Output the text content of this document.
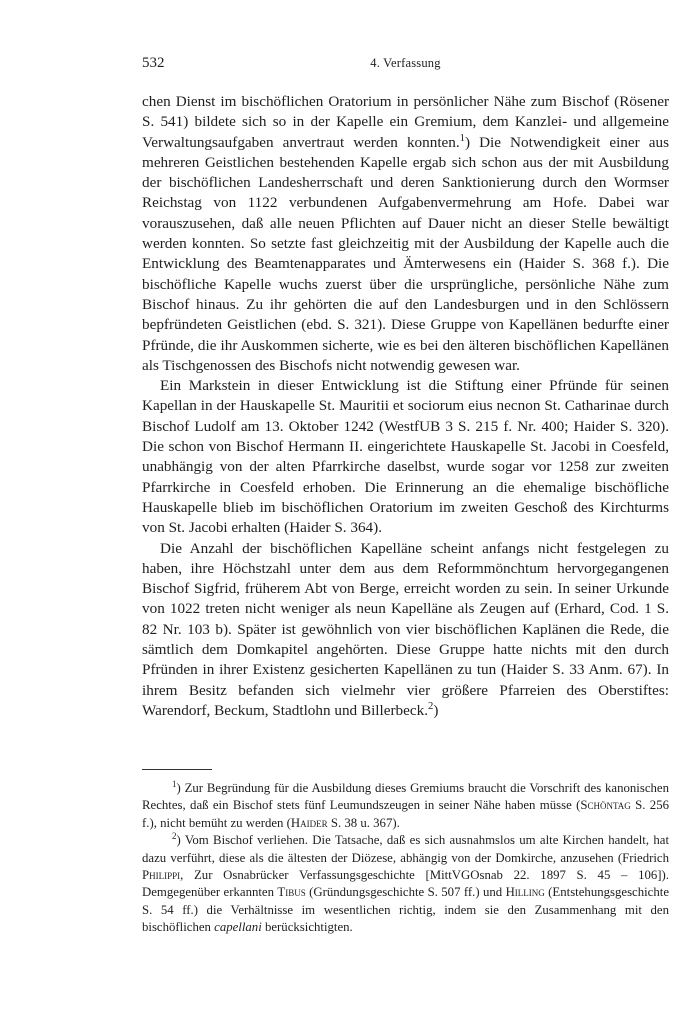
532	4. Verfassung

chen Dienst im bischöflichen Oratorium in persönlicher Nähe zum Bischof (Rösener S. 541) bildete sich so in der Kapelle ein Gremium, dem Kanzlei- und allgemeine Verwaltungsaufgaben anvertraut werden konnten.$^1$) Die Notwendigkeit einer aus mehreren Geistlichen bestehenden Kapelle ergab sich schon aus der mit Ausbildung der bischöflichen Landesherrschaft und deren Sanktionierung durch den Wormser Reichstag von 1122 verbundenen Aufgabenvermehrung am Hofe. Dabei war vorauszusehen, daß alle neuen Pflichten auf Dauer nicht an dieser Stelle bewältigt werden konnten. So setzte fast gleichzeitig mit der Ausbildung der Kapelle auch die Entwicklung des Beamtenapparates und Ämterwesens ein (Haider S. 368 f.). Die bischöfliche Kapelle wuchs zuerst über die ursprüngliche, persönliche Nähe zum Bischof hinaus. Zu ihr gehörten die auf den Landesburgen und in den Schlössern bepfründeten Geistlichen (ebd. S. 321). Diese Gruppe von Kapellänen bedurfte einer Pfründe, die ihr Auskommen sicherte, wie es bei den älteren bischöflichen Kapellänen als Tischgenossen des Bischofs nicht notwendig gewesen war.

Ein Markstein in dieser Entwicklung ist die Stiftung einer Pfründe für seinen Kapellan in der Hauskapelle St. Mauritii et sociorum eius necnon St. Catharinae durch Bischof Ludolf am 13. Oktober 1242 (WestfUB 3 S. 215 f. Nr. 400; Haider S. 320). Die schon von Bischof Hermann II. eingerichtete Hauskapelle St. Jacobi in Coesfeld, unabhängig von der alten Pfarrkirche daselbst, wurde sogar vor 1258 zur zweiten Pfarrkirche in Coesfeld erhoben. Die Erinnerung an die ehemalige bischöfliche Hauskapelle blieb im bischöflichen Oratorium im zweiten Geschoß des Kirchturms von St. Jacobi erhalten (Haider S. 364).

Die Anzahl der bischöflichen Kapelläne scheint anfangs nicht festgelegen zu haben, ihre Höchstzahl unter dem aus dem Reformmönchtum hervorgegangenen Bischof Sigfrid, früherem Abt von Berge, erreicht worden zu sein. In seiner Urkunde von 1022 treten nicht weniger als neun Kapelläne als Zeugen auf (Erhard, Cod. 1 S. 82 Nr. 103 b). Später ist gewöhnlich von vier bischöflichen Kaplänen die Rede, die sämtlich dem Domkapitel angehörten. Diese Gruppe hatte nichts mit den durch Pfründen in ihrer Existenz gesicherten Kapellänen zu tun (Haider S. 33 Anm. 67). In ihrem Besitz befanden sich vielmehr vier größere Pfarreien des Oberstiftes: Warendorf, Beckum, Stadtlohn und Billerbeck.$^2$)

$^1$) Zur Begründung für die Ausbildung dieses Gremiums braucht die Vorschrift des kanonischen Rechtes, daß ein Bischof stets fünf Leumundszeugen in seiner Nähe haben müsse (Schöntag S. 256 f.), nicht bemüht zu werden (Haider S. 38 u. 367).

$^2$) Vom Bischof verliehen. Die Tatsache, daß es sich ausnahmslos um alte Kirchen handelt, hat dazu verführt, diese als die ältesten der Diözese, abhängig von der Domkirche, anzusehen (Friedrich Philippi, Zur Osnabrücker Verfassungsgeschichte [MittVGOsnab 22. 1897 S. 45 – 106]). Demgegenüber erkannten Tibus (Gründungsgeschichte S. 507 ff.) und Hilling (Entstehungsgeschichte S. 54 ff.) die Verhältnisse im wesentlichen richtig, indem sie den Zusammenhang mit den bischöflichen capellani berücksichtigten.
